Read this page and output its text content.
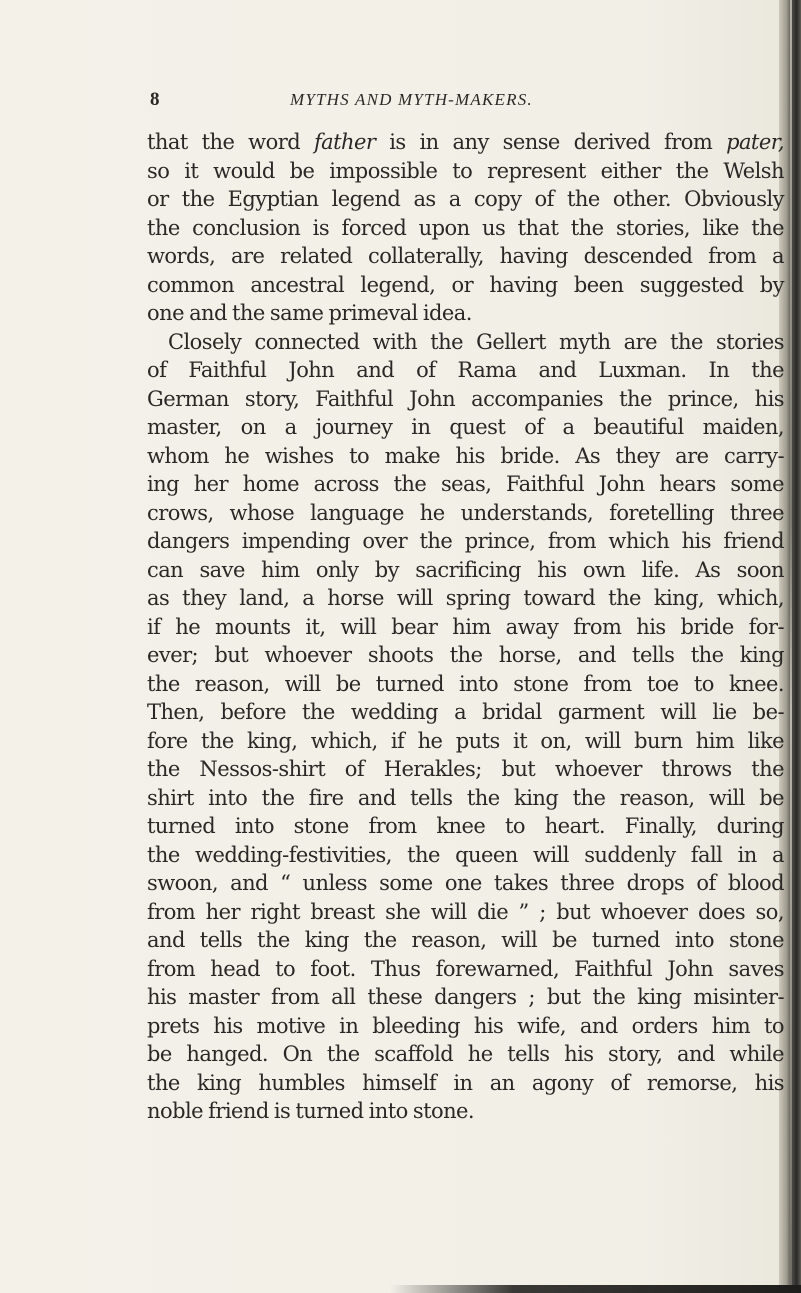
8	MYTHS AND MYTH-MAKERS.
that the word father is in any sense derived from pater,
so it would be impossible to represent either the Welsh
or the Egyptian legend as a copy of the other. Obviously
the conclusion is forced upon us that the stories, like the
words, are related collaterally, having descended from a
common ancestral legend, or having been suggested by
one and the same primeval idea.
Closely connected with the Gellert myth are the stories
of Faithful John and of Rama and Luxman. In the
German story, Faithful John accompanies the prince, his
master, on a journey in quest of a beautiful maiden,
whom he wishes to make his bride. As they are carry-
ing her home across the seas, Faithful John hears some
crows, whose language he understands, foretelling three
dangers impending over the prince, from which his friend
can save him only by sacrificing his own life. As soon
as they land, a horse will spring toward the king, which,
if he mounts it, will bear him away from his bride for-
ever; but whoever shoots the horse, and tells the king
the reason, will be turned into stone from toe to knee.
Then, before the wedding a bridal garment will lie be-
fore the king, which, if he puts it on, will burn him like
the Nessos-shirt of Herakles; but whoever throws the
shirt into the fire and tells the king the reason, will be
turned into stone from knee to heart. Finally, during
the wedding-festivities, the queen will suddenly fall in a
swoon, and “ unless some one takes three drops of blood
from her right breast she will die ” ; but whoever does so,
and tells the king the reason, will be turned into stone
from head to foot. Thus forewarned, Faithful John saves
his master from all these dangers ; but the king misinter-
prets his motive in bleeding his wife, and orders him to
be hanged. On the scaffold he tells his story, and while
the king humbles himself in an agony of remorse, his
noble friend is turned into stone.
